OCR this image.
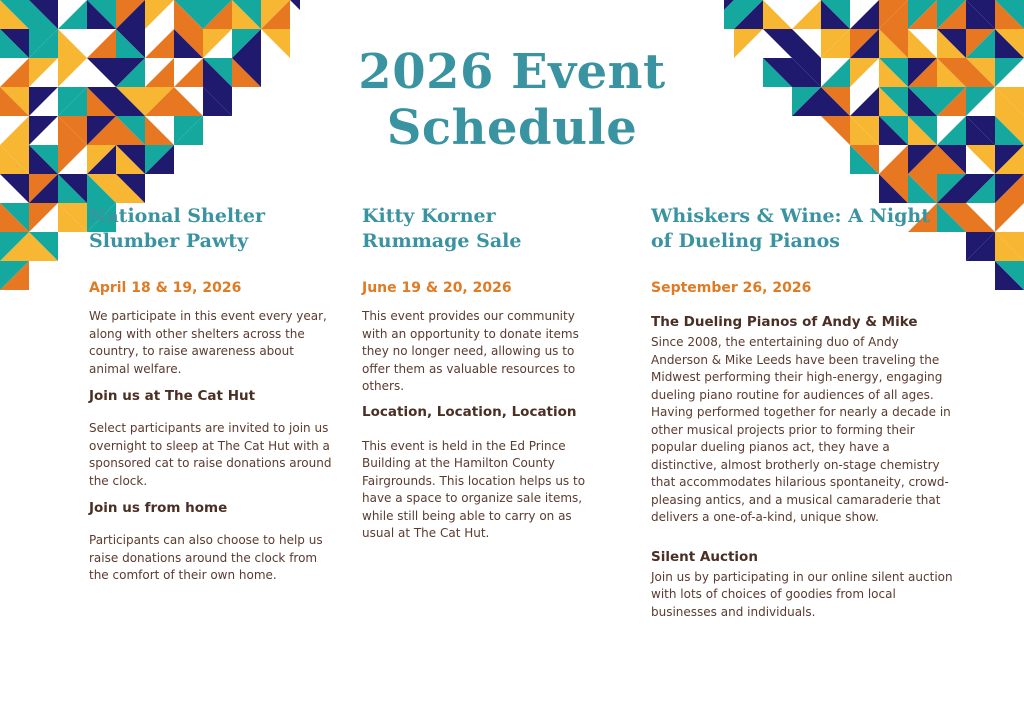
2026 Event
Schedule
National Shelter Slumber Pawty

April 18 & 19, 2026

We participate in this event every year, along with other shelters across the country, to raise awareness about animal welfare.

Join us at The Cat Hut

Select participants are invited to join us overnight to sleep at The Cat Hut with a sponsored cat to raise donations around the clock.

Join us from home

Participants can also choose to help us raise donations around the clock from the comfort of their own home.

Kitty Korner Rummage Sale

June 19 & 20, 2026

This event provides our community with an opportunity to donate items they no longer need, allowing us to offer them as valuable resources to others.

Location, Location, Location

This event is held in the Ed Prince Building at the Hamilton County Fairgrounds. This location helps us to have a space to organize sale items, while still being able to carry on as usual at The Cat Hut.

Whiskers & Wine: A Night of Dueling Pianos

September 26, 2026

The Dueling Pianos of Andy & Mike

Since 2008, the entertaining duo of Andy Anderson & Mike Leeds have been traveling the Midwest performing their high-energy, engaging dueling piano routine for audiences of all ages. Having performed together for nearly a decade in other musical projects prior to forming their popular dueling pianos act, they have a distinctive, almost brotherly on-stage chemistry that accommodates hilarious spontaneity, crowd-pleasing antics, and a musical camaraderie that delivers a one-of-a-kind, unique show.

Silent Auction

Join us by participating in our online silent auction with lots of choices of goodies from local businesses and individuals.
